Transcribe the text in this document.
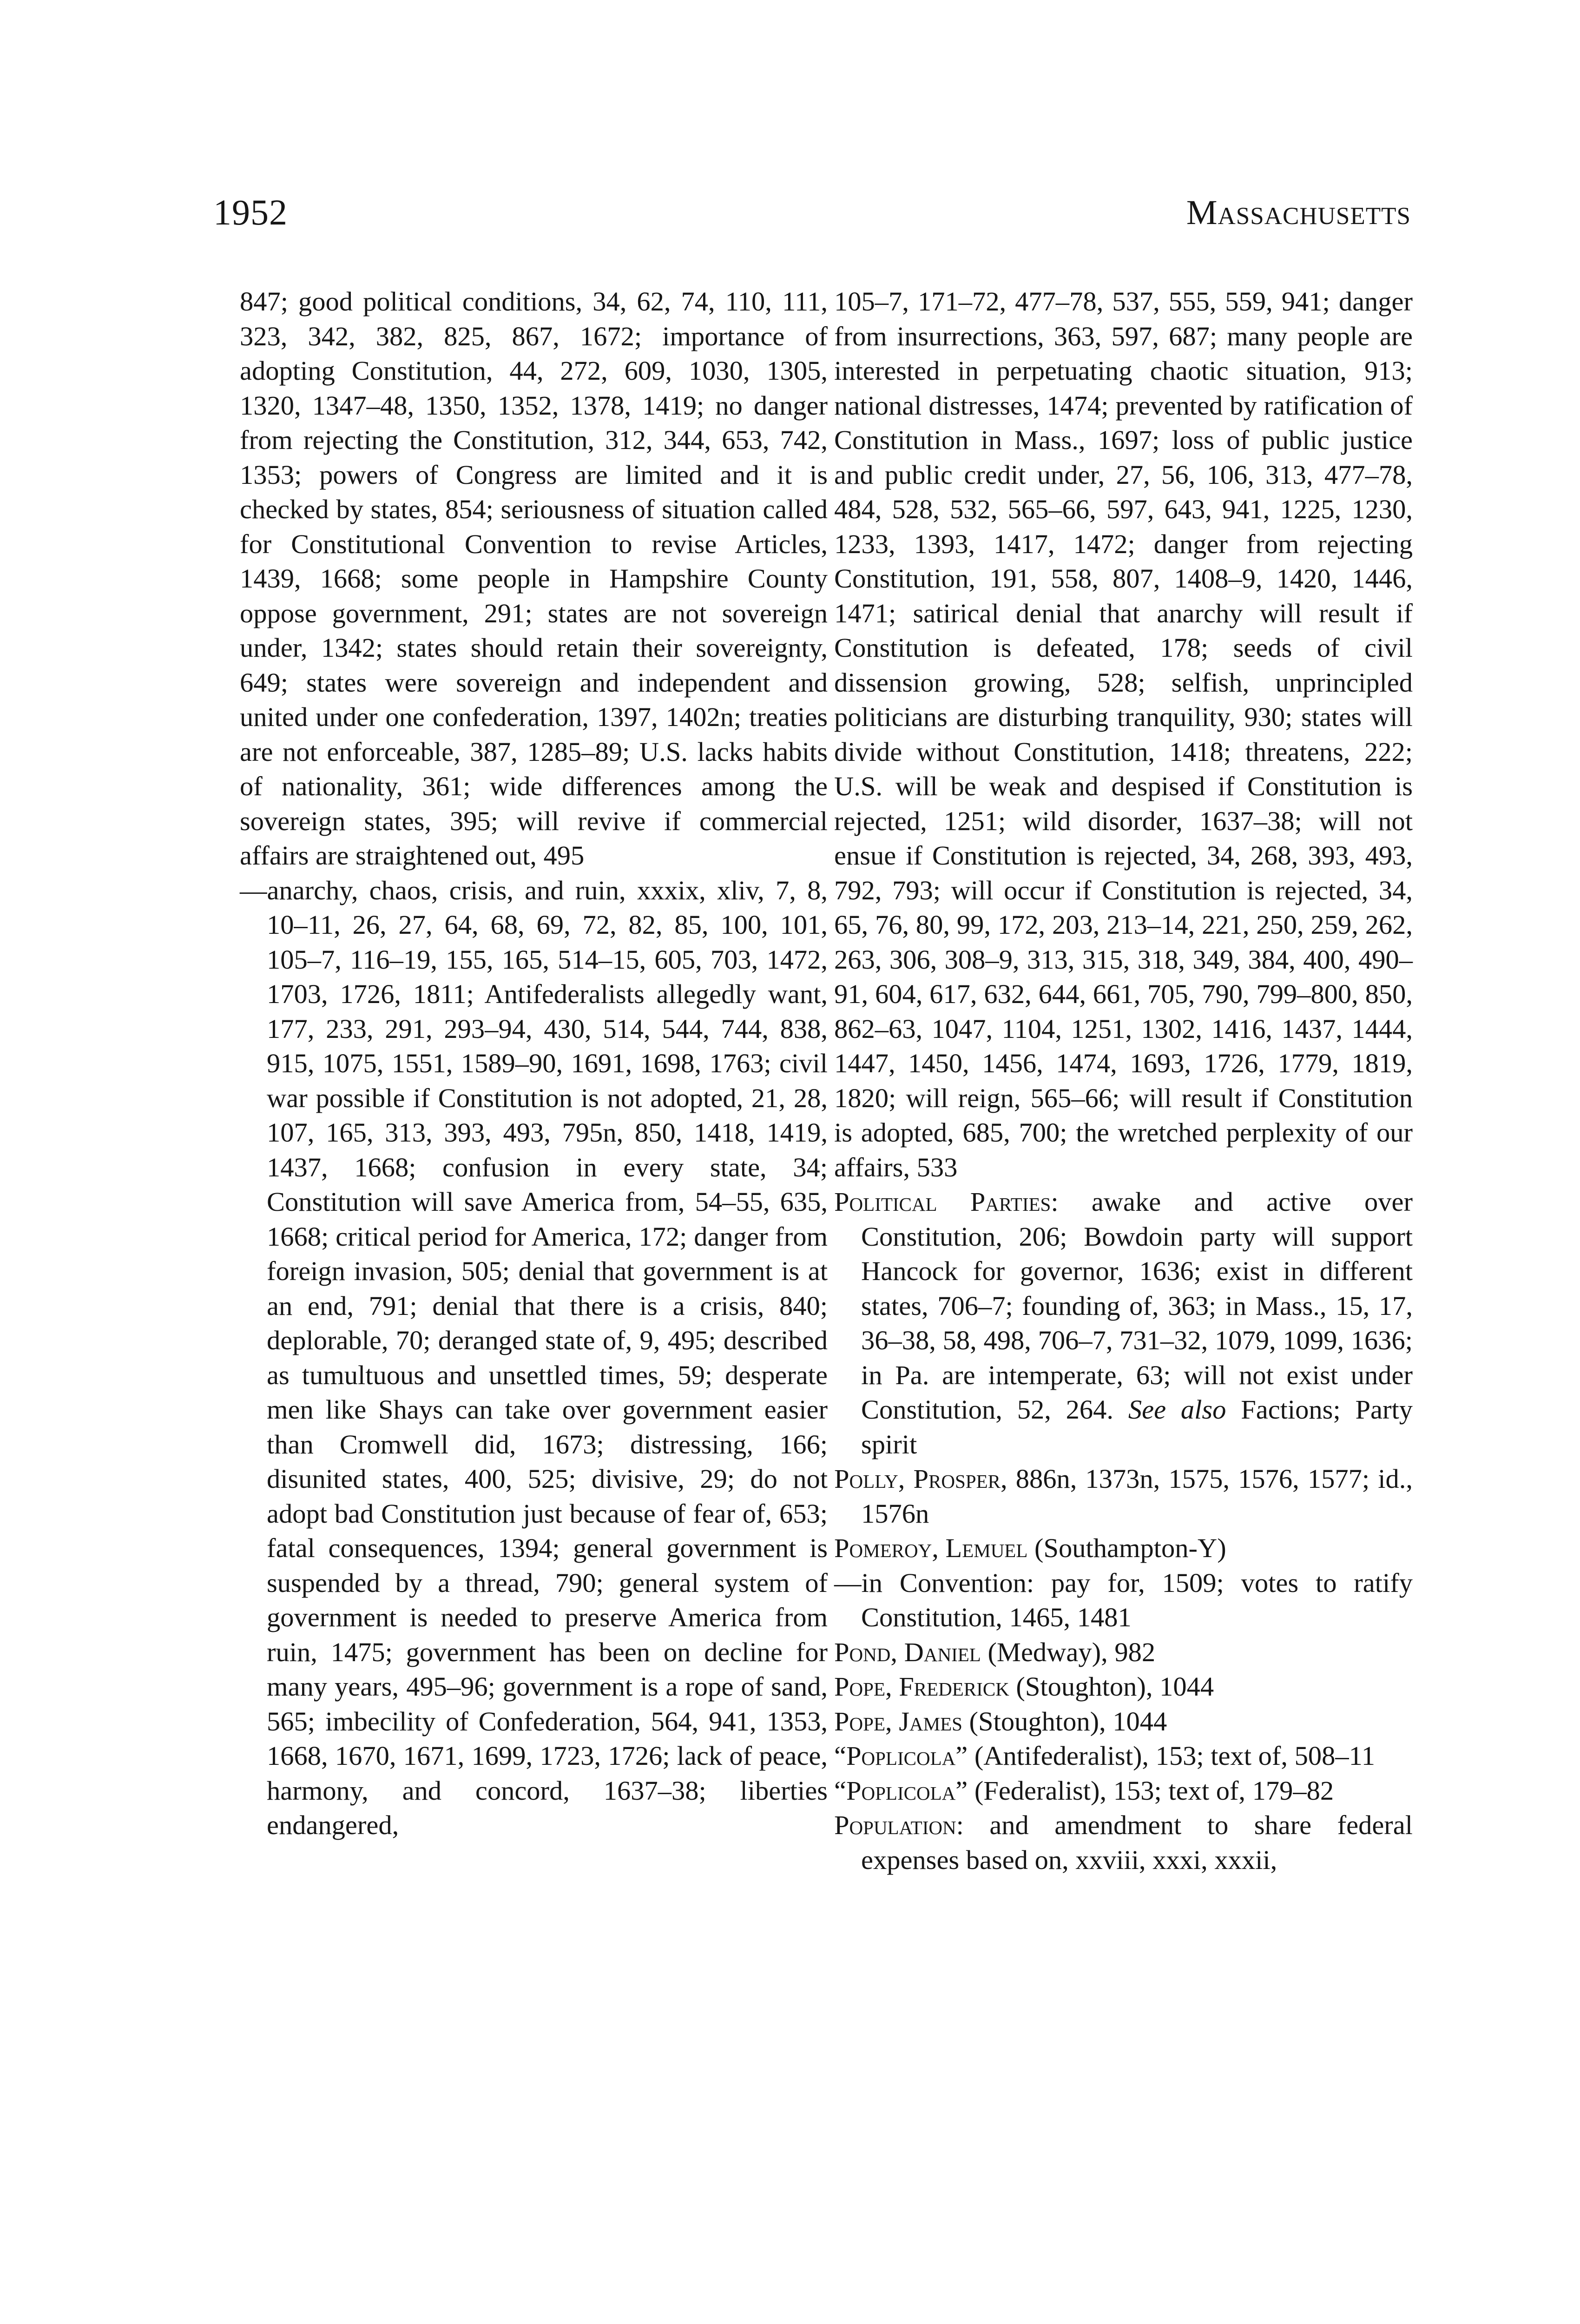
1952	Massachusetts
847; good political conditions, 34, 62, 74, 110, 111, 323, 342, 382, 825, 867, 1672; importance of adopting Constitution, 44, 272, 609, 1030, 1305, 1320, 1347–48, 1350, 1352, 1378, 1419; no danger from rejecting the Constitution, 312, 344, 653, 742, 1353; powers of Congress are limited and it is checked by states, 854; seriousness of situation called for Constitutional Convention to revise Articles, 1439, 1668; some people in Hampshire County oppose government, 291; states are not sovereign under, 1342; states should retain their sovereignty, 649; states were sovereign and independent and united under one confederation, 1397, 1402n; treaties are not enforceable, 387, 1285–89; U.S. lacks habits of nationality, 361; wide differences among the sovereign states, 395; will revive if commercial affairs are straightened out, 495
—anarchy, chaos, crisis, and ruin, xxxix, xliv, 7, 8, 10–11, 26, 27, 64, 68, 69, 72, 82, 85, 100, 101, 105–7, 116–19, 155, 165, 514–15, 605, 703, 1472, 1703, 1726, 1811; Antifederalists allegedly want, 177, 233, 291, 293–94, 430, 514, 544, 744, 838, 915, 1075, 1551, 1589–90, 1691, 1698, 1763; civil war possible if Constitution is not adopted, 21, 28, 107, 165, 313, 393, 493, 795n, 850, 1418, 1419, 1437, 1668; confusion in every state, 34; Constitution will save America from, 54–55, 635, 1668; critical period for America, 172; danger from foreign invasion, 505; denial that government is at an end, 791; denial that there is a crisis, 840; deplorable, 70; deranged state of, 9, 495; described as tumultuous and unsettled times, 59; desperate men like Shays can take over government easier than Cromwell did, 1673; distressing, 166; disunited states, 400, 525; divisive, 29; do not adopt bad Constitution just because of fear of, 653; fatal consequences, 1394; general government is suspended by a thread, 790; general system of government is needed to preserve America from ruin, 1475; government has been on decline for many years, 495–96; government is a rope of sand, 565; imbecility of Confederation, 564, 941, 1353, 1668, 1670, 1671, 1699, 1723, 1726; lack of peace, harmony, and concord, 1637–38; liberties endangered,
105–7, 171–72, 477–78, 537, 555, 559, 941; danger from insurrections, 363, 597, 687; many people are interested in perpetuating chaotic situation, 913; national distresses, 1474; prevented by ratification of Constitution in Mass., 1697; loss of public justice and public credit under, 27, 56, 106, 313, 477–78, 484, 528, 532, 565–66, 597, 643, 941, 1225, 1230, 1233, 1393, 1417, 1472; danger from rejecting Constitution, 191, 558, 807, 1408–9, 1420, 1446, 1471; satirical denial that anarchy will result if Constitution is defeated, 178; seeds of civil dissension growing, 528; selfish, unprincipled politicians are disturbing tranquility, 930; states will divide without Constitution, 1418; threatens, 222; U.S. will be weak and despised if Constitution is rejected, 1251; wild disorder, 1637–38; will not ensue if Constitution is rejected, 34, 268, 393, 493, 792, 793; will occur if Constitution is rejected, 34, 65, 76, 80, 99, 172, 203, 213–14, 221, 250, 259, 262, 263, 306, 308–9, 313, 315, 318, 349, 384, 400, 490–91, 604, 617, 632, 644, 661, 705, 790, 799–800, 850, 862–63, 1047, 1104, 1251, 1302, 1416, 1437, 1444, 1447, 1450, 1456, 1474, 1693, 1726, 1779, 1819, 1820; will reign, 565–66; will result if Constitution is adopted, 685, 700; the wretched perplexity of our affairs, 533
Political Parties: awake and active over Constitution, 206; Bowdoin party will support Hancock for governor, 1636; exist in different states, 706–7; founding of, 363; in Mass., 15, 17, 36–38, 58, 498, 706–7, 731–32, 1079, 1099, 1636; in Pa. are intemperate, 63; will not exist under Constitution, 52, 264. See also Factions; Party spirit
Polly, Prosper, 886n, 1373n, 1575, 1576, 1577; id., 1576n
Pomeroy, Lemuel (Southampton-Y)
—in Convention: pay for, 1509; votes to ratify Constitution, 1465, 1481
Pond, Daniel (Medway), 982
Pope, Frederick (Stoughton), 1044
Pope, James (Stoughton), 1044
“Poplicola” (Antifederalist), 153; text of, 508–11
“Poplicola” (Federalist), 153; text of, 179–82
Population: and amendment to share federal expenses based on, xxviii, xxxi, xxxii,
